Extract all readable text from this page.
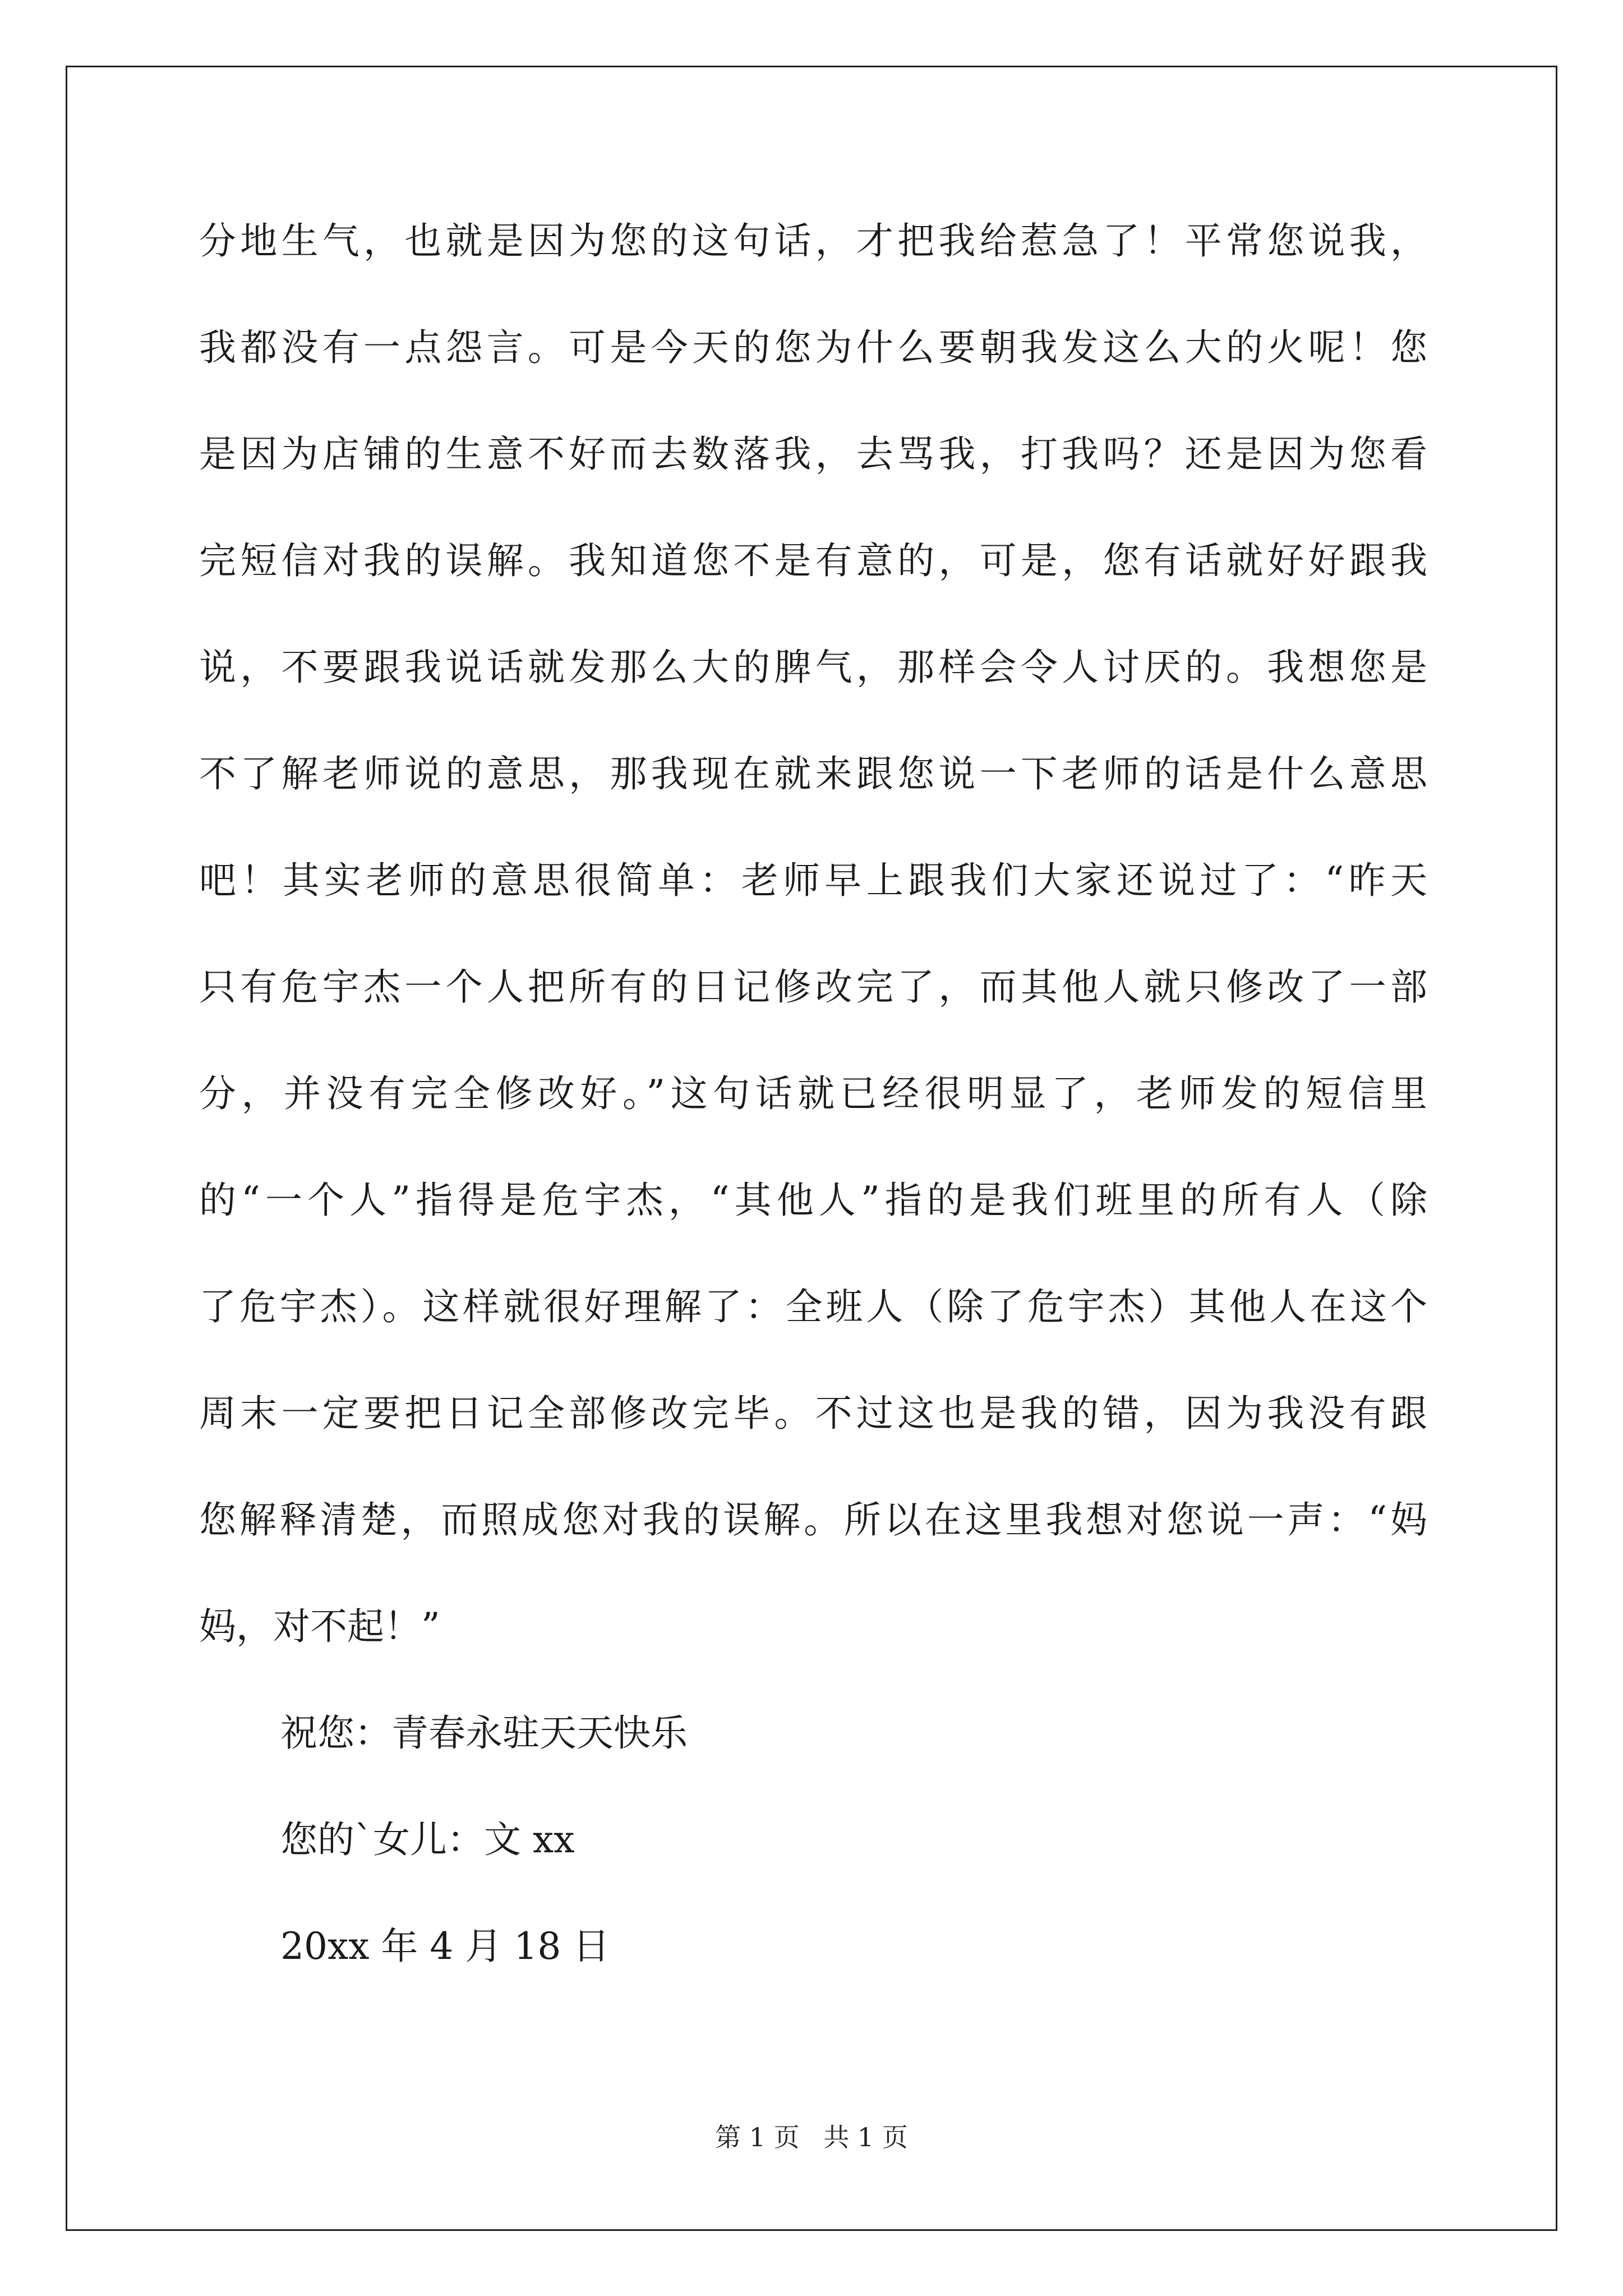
分地生气，也就是因为您的这句话，才把我给惹急了！平常您说我，
我都没有一点怨言。可是今天的您为什么要朝我发这么大的火呢！您
是因为店铺的生意不好而去数落我，去骂我，打我吗？还是因为您看
完短信对我的误解。我知道您不是有意的，可是，您有话就好好跟我
说，不要跟我说话就发那么大的脾气，那样会令人讨厌的。我想您是
不了解老师说的意思，那我现在就来跟您说一下老师的话是什么意思
吧！其实老师的意思很简单：老师早上跟我们大家还说过了：“昨天
只有危宇杰一个人把所有的日记修改完了，而其他人就只修改了一部
分，并没有完全修改好。”这句话就已经很明显了，老师发的短信里
的“一个人”指得是危宇杰，“其他人”指的是我们班里的所有人（除
了危宇杰）。这样就很好理解了：全班人（除了危宇杰）其他人在这个
周末一定要把日记全部修改完毕。不过这也是我的错，因为我没有跟
您解释清楚，而照成您对我的误解。所以在这里我想对您说一声：“妈
妈，对不起！”
祝您：青春永驻天天快乐
您的`女儿：文 xx
20xx 年 4 月 18 日
第 1 页 共 1 页
